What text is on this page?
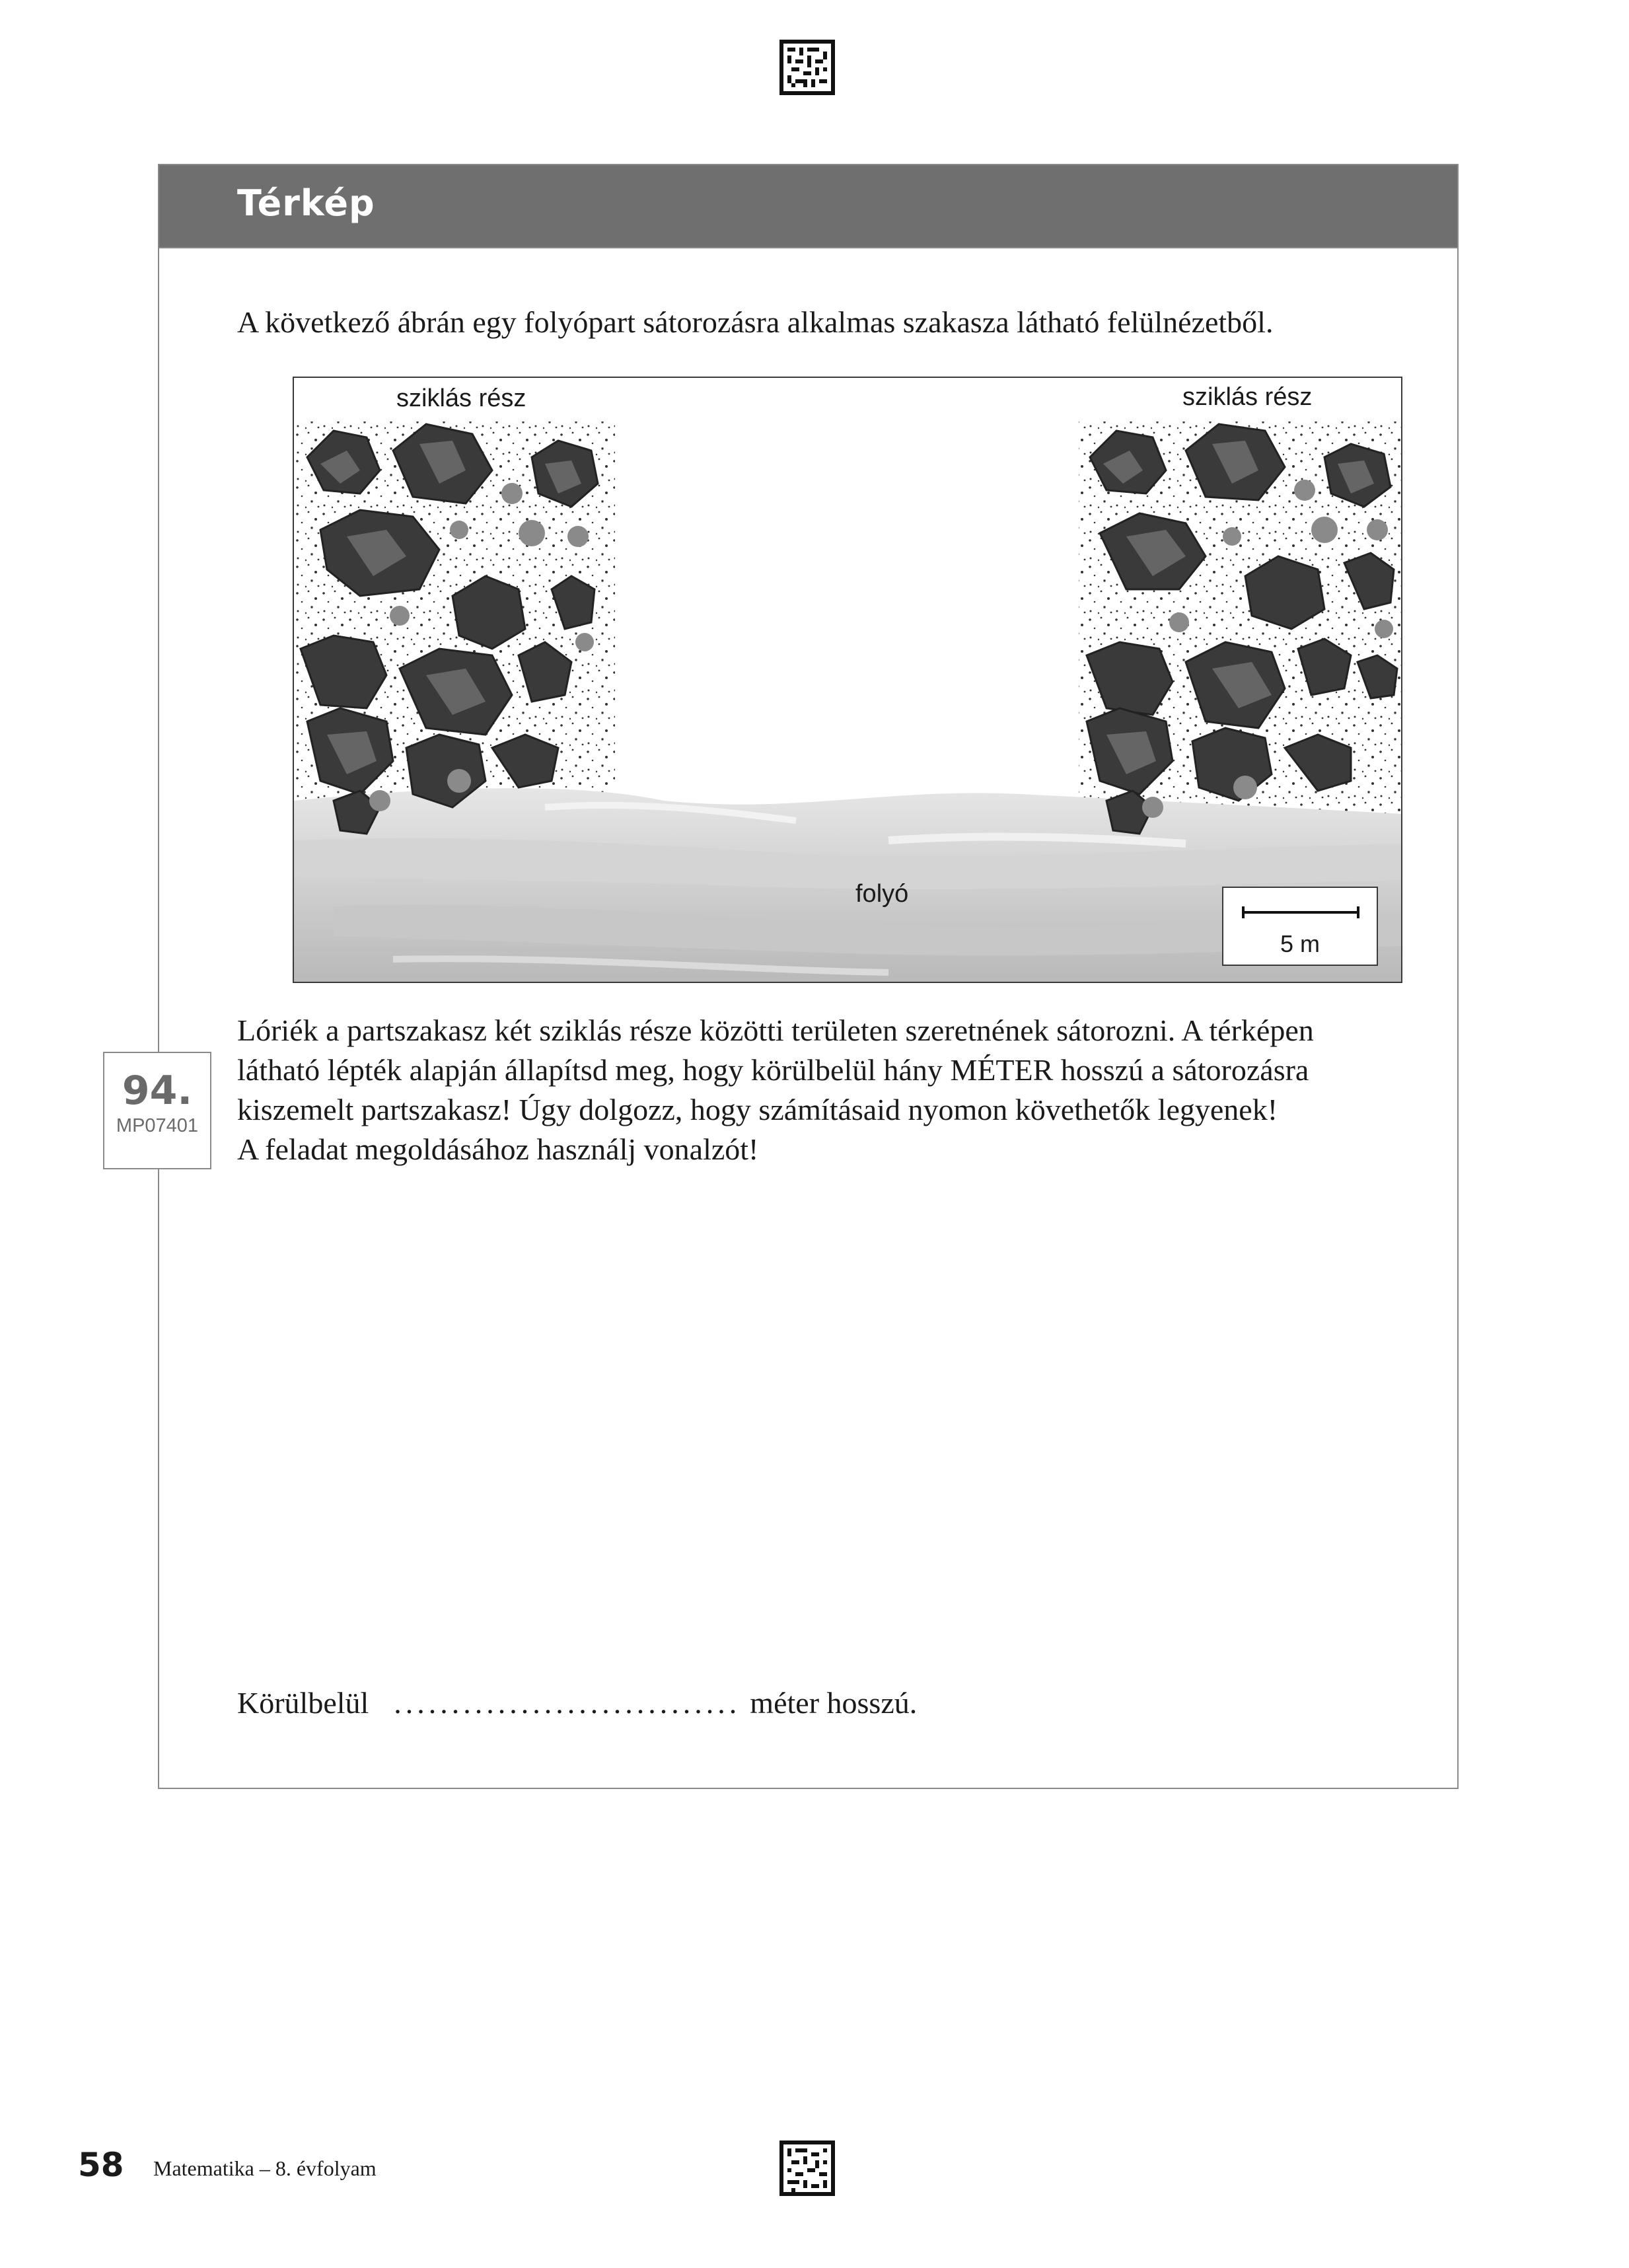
Térkép
A következő ábrán egy folyópart sátorozásra alkalmas szakasza látható felülnézetből.
sziklás rész	sziklás rész
folyó
5 m

Lóriék a partszakasz két sziklás része közötti területen szeretnének sátorozni. A térképen

látható lépték alapján állapítsd meg, hogy körülbelül hány MÉTER hosszú a sátorozásra

kiszemelt partszakasz! Úgy dolgozz, hogy számításaid nyomon követhetők legyenek!

A feladat megoldásához használj vonalzót!

Körülbelül .............................. méter hosszú.
94.
MP07401
58 Matematika – 8. évfolyam
